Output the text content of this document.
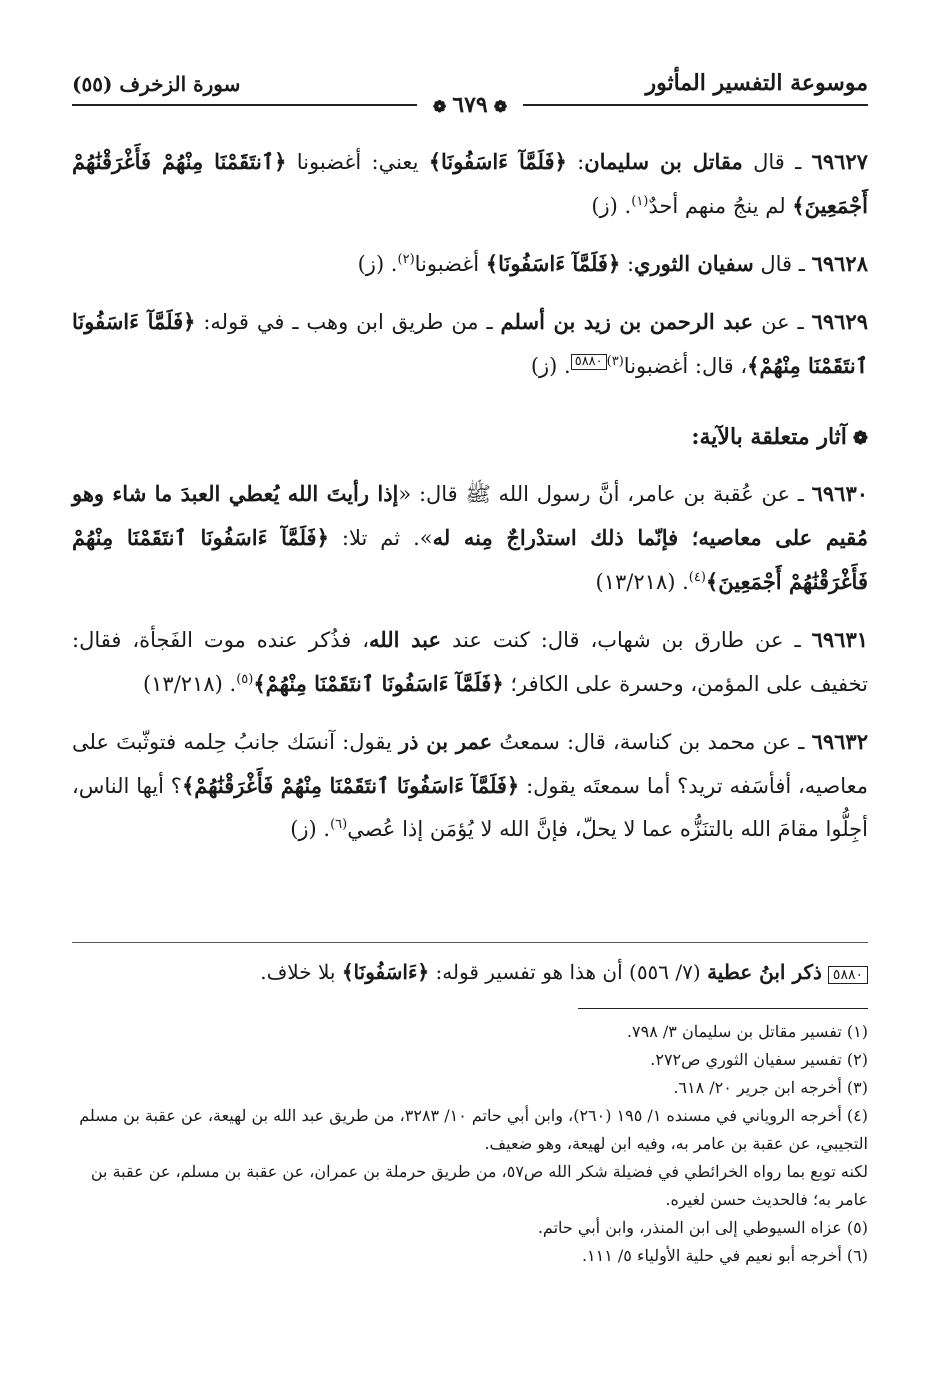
موسوعة التفسير المأثور
سورة الزخرف (٥٥)
❁٦٧٩❁

٦٩٦٢٧ ـ قال مقاتل بن سليمان: ﴿فَلَمَّآ ءَاسَفُونَا﴾ يعني: أغضبونا ﴿ٱنتَقَمْنَا مِنْهُمْ فَأَغْرَقْنَٰهُمْ أَجْمَعِينَ﴾ لم ينجُ منهم أحدٌ$^{(١)}$. (ز)

٦٩٦٢٨ ـ قال سفيان الثوري: ﴿فَلَمَّآ ءَاسَفُونَا﴾ أغضبونا$^{(٢)}$. (ز)

٦٩٦٢٩ ـ عن عبد الرحمن بن زيد بن أسلم ـ من طريق ابن وهب ـ في قوله: ﴿فَلَمَّآ ءَاسَفُونَا ٱنتَقَمْنَا مِنْهُمْ﴾، قال: أغضبونا$^{(٣)}$٥٨٨٠. (ز)

❁آثار متعلقة بالآية:

٦٩٦٣٠ ـ عن عُقبة بن عامر، أنَّ رسول الله ﷺ قال: «إذا رأيتَ الله يُعطي العبدَ ما شاء وهو مُقيم على معاصيه؛ فإنّما ذلك استدْراجٌ مِنه له». ثم تلا: ﴿فَلَمَّآ ءَاسَفُونَا ٱنتَقَمْنَا مِنْهُمْ فَأَغْرَقْنَٰهُمْ أَجْمَعِينَ﴾$^{(٤)}$. (١٣/٢١٨)

٦٩٦٣١ ـ عن طارق بن شهاب، قال: كنت عند عبد الله، فذُكر عنده موت الفَجأة، فقال: تخفيف على المؤمن، وحسرة على الكافر؛ ﴿فَلَمَّآ ءَاسَفُونَا ٱنتَقَمْنَا مِنْهُمْ﴾$^{(٥)}$. (١٣/٢١٨)

٦٩٦٣٢ ـ عن محمد بن كناسة، قال: سمعتُ عمر بن ذر يقول: آنسَك جانبُ حِلمه فتوثّبتَ على معاصيه، أفأسَفه تريد؟ أما سمعتَه يقول: ﴿فَلَمَّآ ءَاسَفُونَا ٱنتَقَمْنَا مِنْهُمْ فَأَغْرَقْنَٰهُمْ﴾؟ أيها الناس، أجِلُّوا مقامَ الله بالتنَزُّه عما لا يحلّ، فإنَّ الله لا يُؤمَن إذا عُصي$^{(٦)}$. (ز)

٥٨٨٠ذكر ابنُ عطية (٧/ ٥٥٦) أن هذا هو تفسير قوله: ﴿ءَاسَفُونَا﴾ بلا خلاف.

(١) تفسير مقاتل بن سليمان ٣/ ٧٩٨.

(٢) تفسير سفيان الثوري ص٢٧٢.

(٣) أخرجه ابن جرير ٢٠/ ٦١٨.

(٤) أخرجه الروياني في مسنده ١/ ١٩٥ (٢٦٠)، وابن أبي حاتم ١٠/ ٣٢٨٣، من طريق عبد الله بن لهيعة، عن عقبة بن مسلم التجيبي، عن عقبة بن عامر به، وفيه ابن لهيعة، وهو ضعيف.

لكنه توبع بما رواه الخرائطي في فضيلة شكر الله ص٥٧، من طريق حرملة بن عمران، عن عقبة بن مسلم، عن عقبة بن عامر به؛ فالحديث حسن لغيره.

(٥) عزاه السيوطي إلى ابن المنذر، وابن أبي حاتم.

(٦) أخرجه أبو نعيم في حلية الأولياء ٥/ ١١١.
